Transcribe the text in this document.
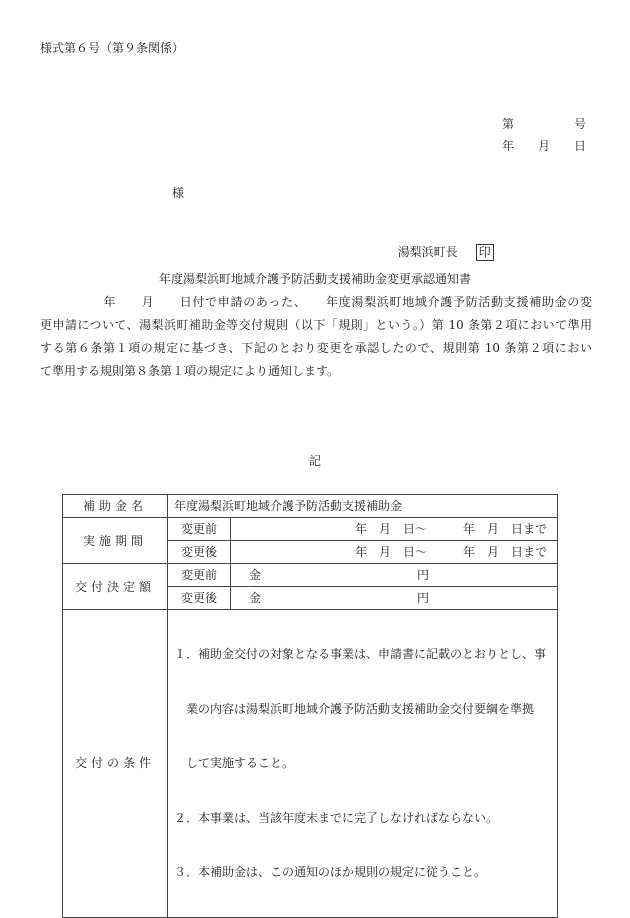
様式第６号（第９条関係）
第　　　　　号
年　　月　　日
様

湯梨浜町長 印

年度湯梨浜町地域介護予防活動支援補助金変更承認通知書
　　　　　年　　月　　日付で申請のあった、　　年度湯梨浜町地域介護予防活動支援補助金の変
更申請について、湯梨浜町補助金等交付規則（以下「規則」という。）第 10 条第２項において準用
する第６条第１項の規定に基づき、下記のとおり変更を承認したので、規則第 10 条第２項におい
て準用する規則第８条第１項の規定により通知します。
記
補助金名	年度湯梨浜町地域介護予防活動支援補助金	
実施期間	変更前	年　月　日～　　　年　月　日まで
	変更後	年　月　日～　　　年　月　日まで
交付決定額	変更前	金 円
	変更後	金 円
交付の条件	１．補助金交付の対象となる事業は、申請書に記載のとおりとし、事

業の内容は湯梨浜町地域介護予防活動支援補助金交付要綱を準拠

して実施すること。

２．本事業は、当該年度末までに完了しなければならない。

３．本補助金は、この通知のほか規則の規定に従うこと。	
